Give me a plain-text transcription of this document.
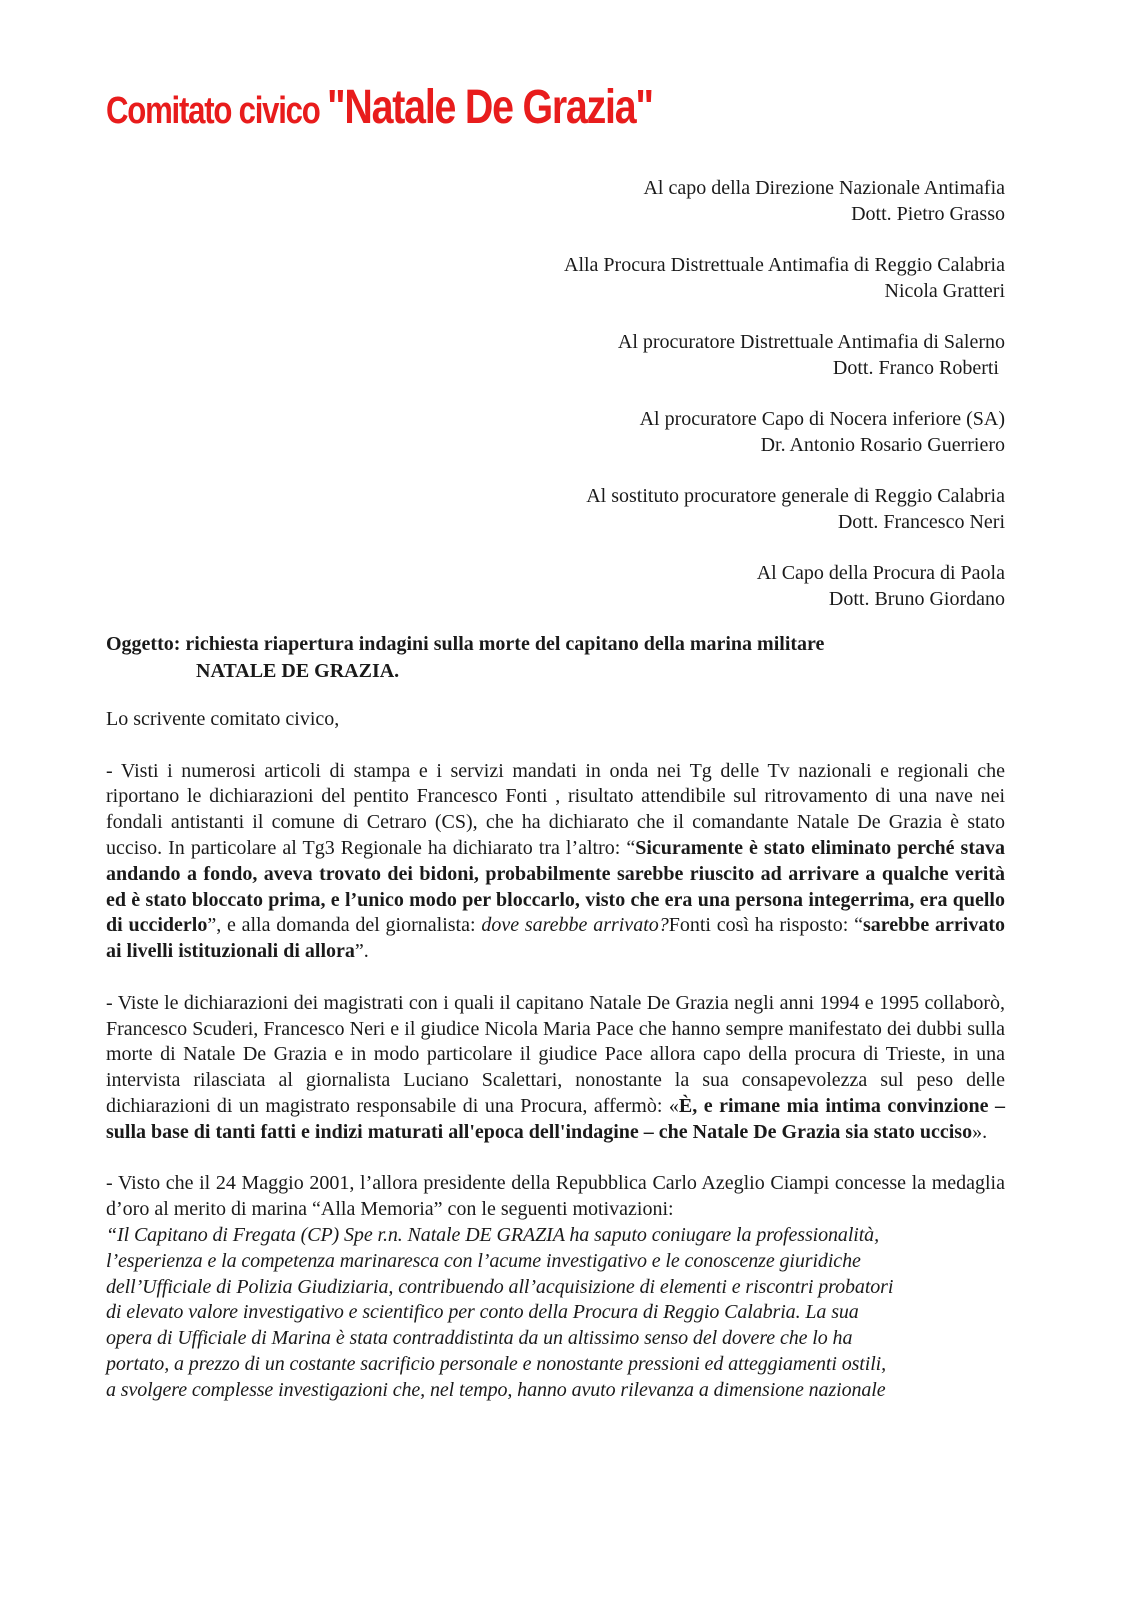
Comitato civico "Natale De Grazia"
Al capo della Direzione Nazionale Antimafia
Dott. Pietro Grasso
Alla Procura Distrettuale Antimafia di Reggio Calabria
Nicola Gratteri
Al procuratore Distrettuale Antimafia di Salerno
Dott. Franco Roberti
Al procuratore Capo di Nocera inferiore (SA)
Dr. Antonio Rosario Guerriero
Al sostituto procuratore generale di Reggio Calabria
Dott. Francesco Neri
Al Capo della Procura di Paola
Dott. Bruno Giordano
Oggetto: richiesta riapertura indagini sulla morte del capitano della marina militare
NATALE DE GRAZIA.

Lo scrivente comitato civico,

- Visti i numerosi articoli di stampa e i servizi mandati in onda nei Tg delle Tv nazionali e regionali che riportano le dichiarazioni del pentito Francesco Fonti , risultato attendibile sul ritrovamento di una nave nei fondali antistanti il comune di Cetraro (CS), che ha dichiarato che il comandante Natale De Grazia è stato ucciso. In particolare al Tg3 Regionale ha dichiarato tra l’altro: “Sicuramente è stato eliminato perché stava andando a fondo, aveva trovato dei bidoni, probabilmente sarebbe riuscito ad arrivare a qualche verità ed è stato bloccato prima, e l’unico modo per bloccarlo, visto che era una persona integerrima, era quello di ucciderlo”, e alla domanda del giornalista: dove sarebbe arrivato?Fonti così ha risposto: “sarebbe arrivato ai livelli istituzionali di allora”.

- Viste le dichiarazioni dei magistrati con i quali il capitano Natale De Grazia negli anni 1994 e 1995 collaborò, Francesco Scuderi, Francesco Neri e il giudice Nicola Maria Pace che hanno sempre manifestato dei dubbi sulla morte di Natale De Grazia e in modo particolare il giudice Pace allora capo della procura di Trieste, in una intervista rilasciata al giornalista Luciano Scalettari, nonostante la sua consapevolezza sul peso delle dichiarazioni di un magistrato responsabile di una Procura, affermò: «È, e rimane mia intima convinzione – sulla base di tanti fatti e indizi maturati all'epoca dell'indagine – che Natale De Grazia sia stato ucciso».

- Visto che il 24 Maggio 2001, l’allora presidente della Repubblica Carlo Azeglio Ciampi concesse la medaglia d’oro al merito di marina “Alla Memoria” con le seguenti motivazioni:

“Il Capitano di Fregata (CP) Spe r.n. Natale DE GRAZIA ha saputo coniugare la professionalità,
l’esperienza e la competenza marinaresca con l’acume investigativo e le conoscenze giuridiche
dell’Ufficiale di Polizia Giudiziaria, contribuendo all’acquisizione di elementi e riscontri probatori
di elevato valore investigativo e scientifico per conto della Procura di Reggio Calabria. La sua
opera di Ufficiale di Marina è stata contraddistinta da un altissimo senso del dovere che lo ha
portato, a prezzo di un costante sacrificio personale e nonostante pressioni ed atteggiamenti ostili,
a svolgere complesse investigazioni che, nel tempo, hanno avuto rilevanza a dimensione nazionale
